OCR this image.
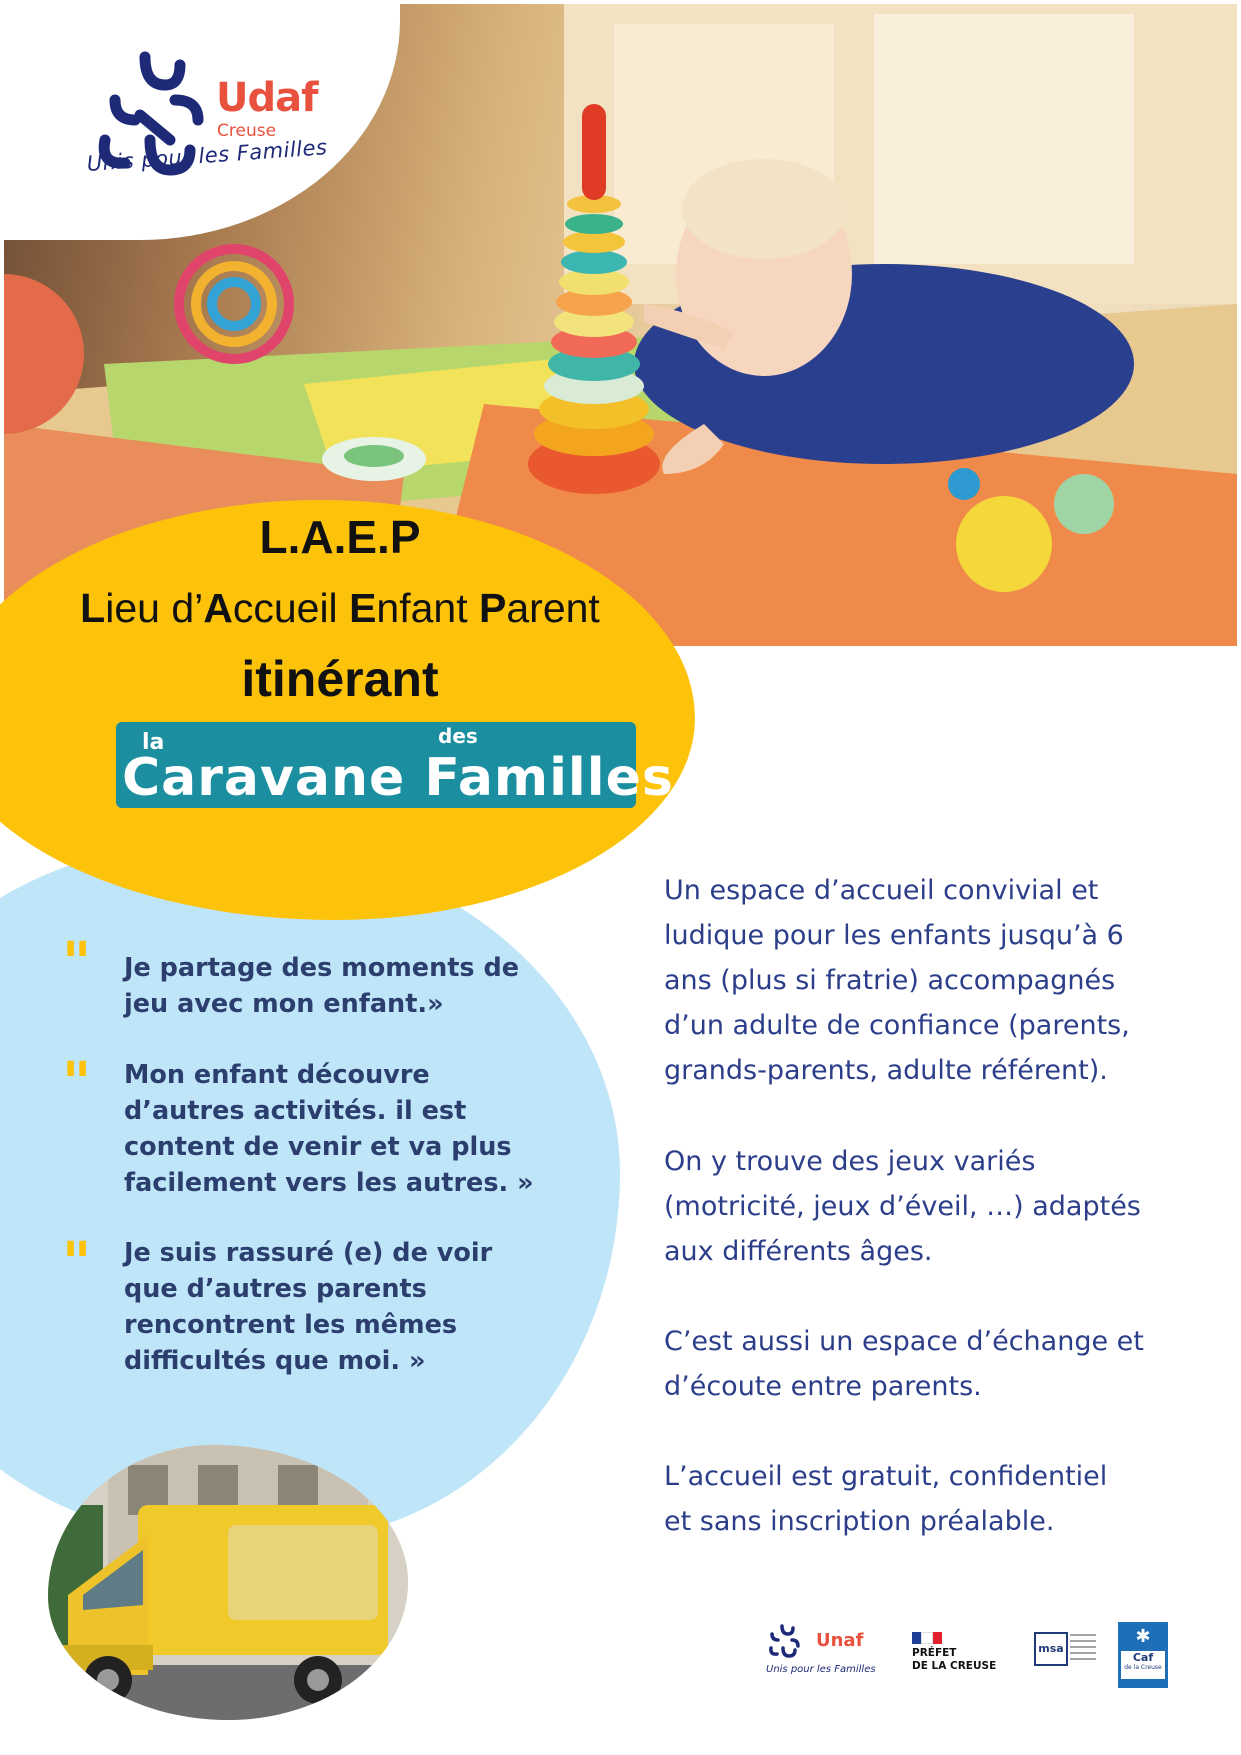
Udaf
Creuse
Unis pour les Familles
L.A.E.P
Lieu d’Accueil Enfant Parent
itinérant
la	des
Caravane Familles
" Je partage des moments de
jeu avec mon enfant.»
" Mon enfant découvre
d’autres activités. il est
content de venir et va plus
facilement vers les autres. »
" Je suis rassuré (e) de voir
que d’autres parents
rencontrent les mêmes
difficultés que moi. »
Un espace d’accueil convivial et
ludique pour les enfants jusqu’à 6
ans (plus si fratrie) accompagnés
d’un adulte de confiance (parents,
grands-parents, adulte référent).
On y trouve des jeux variés
(motricité, jeux d’éveil, …) adaptés
aux différents âges.
C’est aussi un espace d’échange et
d’écoute entre parents.
L’accueil est gratuit, confidentiel
et sans inscription préalable.
Unaf
Unis pour les Familles
PRÉFET
DE LA CREUSE
msa
✱
Caf
de la Creuse
